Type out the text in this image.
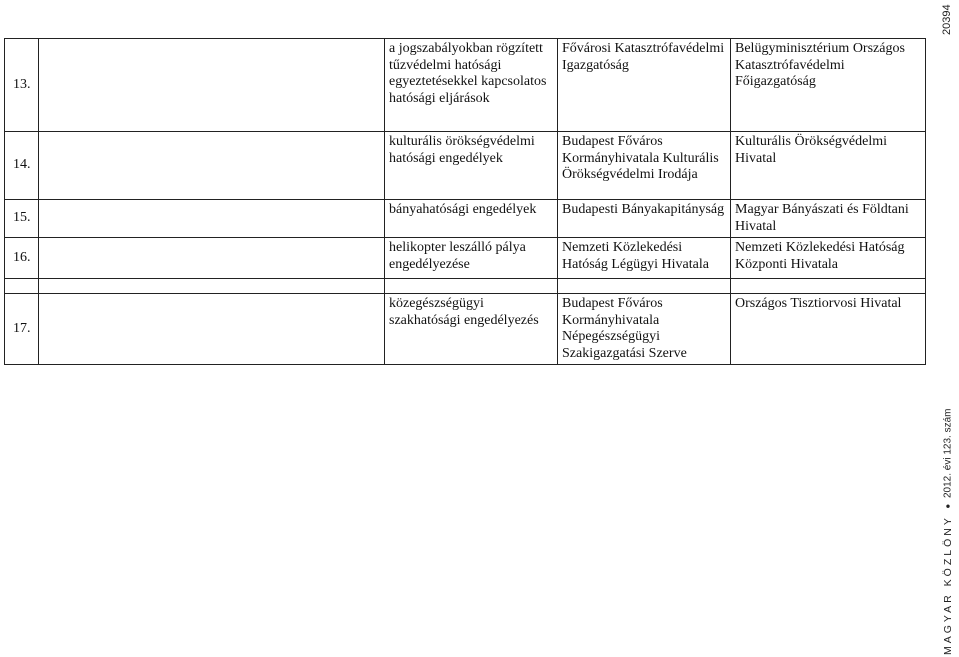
20394
MAGYAR KÖZLÖNY
●
2012. évi 123. szám
13.		a jogszabályokban rögzített tűzvédelmi hatósági egyeztetésekkel kapcsolatos hatósági eljárások	Fővárosi Katasztrófavédelmi Igazgatóság	Belügyminisztérium Országos Katasztrófavédelmi Főigazgatóság
14.		kulturális örökségvédelmi hatósági engedélyek	Budapest Főváros Kormányhivatala Kulturális Örökségvédelmi Irodája	Kulturális Örökségvédelmi Hivatal
15.		bányahatósági engedélyek	Budapesti Bányakapitányság	Magyar Bányászati és Földtani Hivatal
16.		helikopter leszálló pálya engedélyezése	Nemzeti Közlekedési Hatóság Légügyi Hivatala	Nemzeti Közlekedési Hatóság Központi Hivatala

17.		közegészségügyi szakhatósági engedélyezés	Budapest Főváros Kormányhivatala Népegészségügyi Szakigazgatási Szerve	Országos Tisztiorvosi Hivatal
